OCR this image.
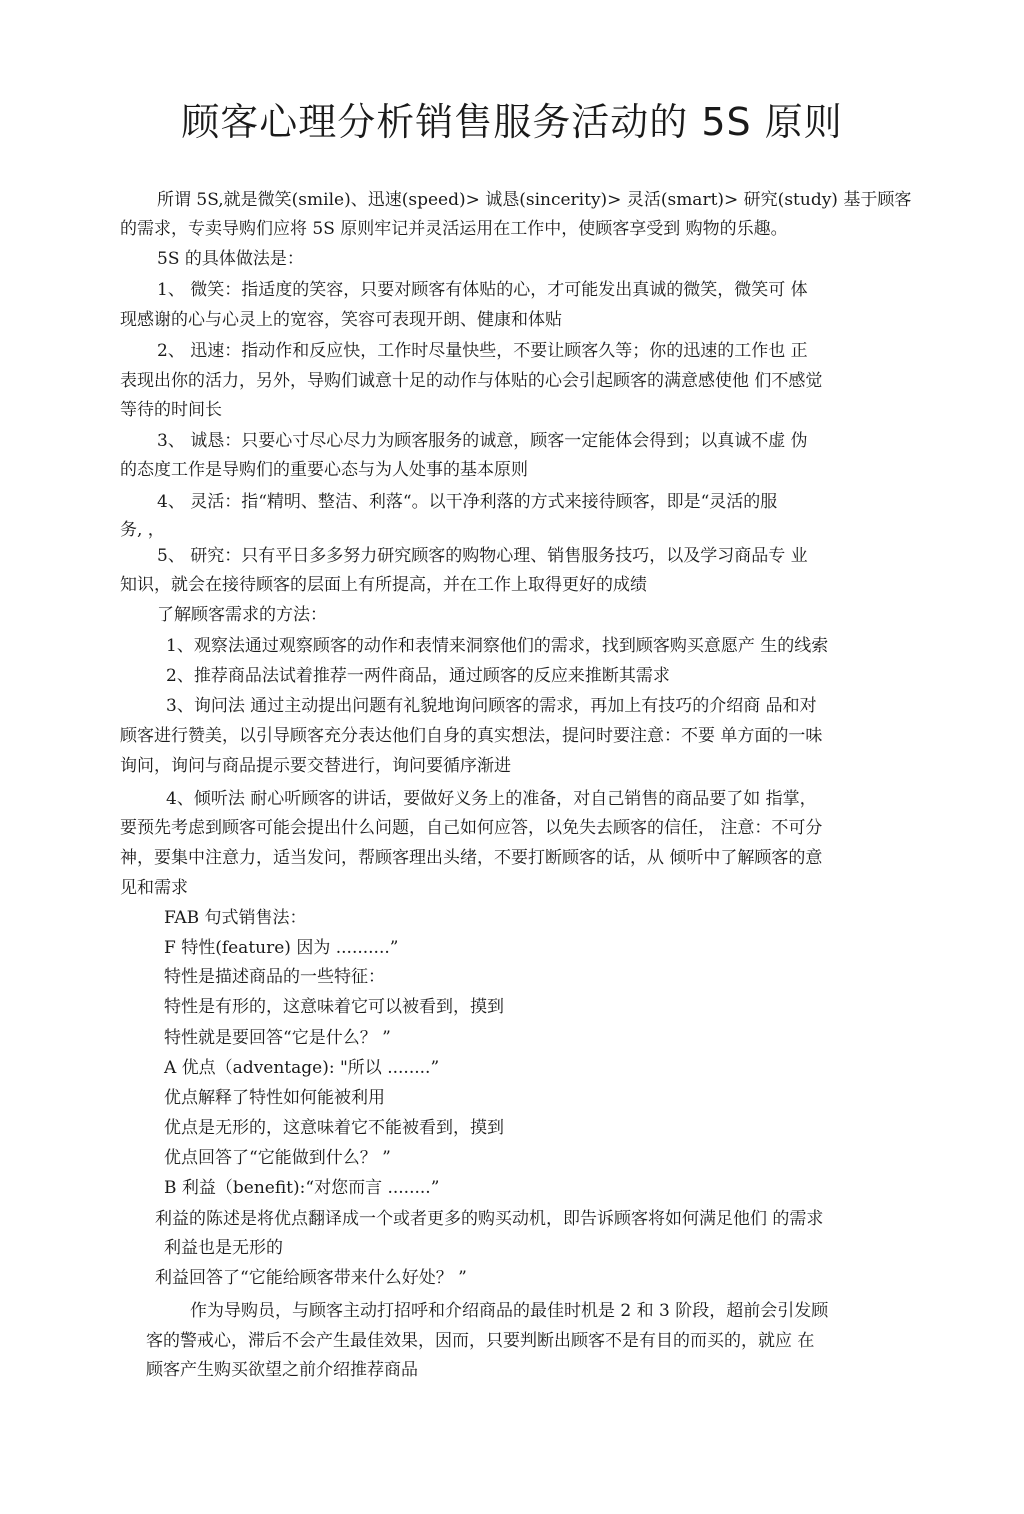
顾客心理分析销售服务活动的 5S 原则

所谓 5S,就是微笑(smile)、迅速(speed)> 诚恳(sincerity)> 灵活(smart)> 研究(study) 基于顾客

的需求，专卖导购们应将 5S 原则牢记并灵活运用在工作中，使顾客享受到 购物的乐趣。

5S 的具体做法是：

1、 微笑：指适度的笑容，只要对顾客有体贴的心，才可能发出真诚的微笑，微笑可 体

现感谢的心与心灵上的宽容，笑容可表现开朗、健康和体贴

2、 迅速：指动作和反应快，工作时尽量快些，不要让顾客久等；你的迅速的工作也 正

表现出你的活力，另外，导购们诚意十足的动作与体贴的心会引起顾客的满意感使他 们不感觉

等待的时间长

3、 诚恳：只要心寸尽心尽力为顾客服务的诚意，顾客一定能体会得到；以真诚不虚 伪

的态度工作是导购们的重要心态与为人处事的基本原则

4、 灵活：指“精明、整洁、利落“。以干净利落的方式来接待顾客，即是“灵活的服

务, ，

5、 研究：只有平日多多努力研究顾客的购物心理、销售服务技巧，以及学习商品专 业

知识，就会在接待顾客的层面上有所提高，并在工作上取得更好的成绩

了解顾客需求的方法：

1、观察法通过观察顾客的动作和表情来洞察他们的需求，找到顾客购买意愿产 生的线索

2、推荐商品法试着推荐一两件商品，通过顾客的反应来推断其需求

3、询问法 通过主动提出问题有礼貌地询问顾客的需求，再加上有技巧的介绍商 品和对

顾客进行赞美，以引导顾客充分表达他们自身的真实想法，提问时要注意：不要 单方面的一味

询问，询问与商品提示要交替进行，询问要循序渐进

4、倾听法 耐心听顾客的讲话，要做好义务上的准备，对自己销售的商品要了如 指掌，

要预先考虑到顾客可能会提出什么问题，自己如何应答，以免失去顾客的信任， 注意：不可分

神，要集中注意力，适当发问，帮顾客理出头绪，不要打断顾客的话，从 倾听中了解顾客的意

见和需求

FAB 句式销售法：

F 特性(feature) 因为 ..........”

特性是描述商品的一些特征：

特性是有形的，这意味着它可以被看到，摸到

特性就是要回答“它是什么？ ”

A 优点（adventage): "所以 ........”

优点解释了特性如何能被利用

优点是无形的，这意味着它不能被看到，摸到

优点回答了“它能做到什么？ ”

B 利益（benefit):“对您而言 ........”

利益的陈述是将优点翻译成一个或者更多的购买动机，即告诉顾客将如何满足他们 的需求

利益也是无形的

利益回答了“它能给顾客带来什么好处？ ”

作为导购员，与顾客主动打招呼和介绍商品的最佳时机是 2 和 3 阶段，超前会引发顾

客的警戒心，滞后不会产生最佳效果，因而，只要判断出顾客不是有目的而买的，就应 在

顾客产生购买欲望之前介绍推荐商品
